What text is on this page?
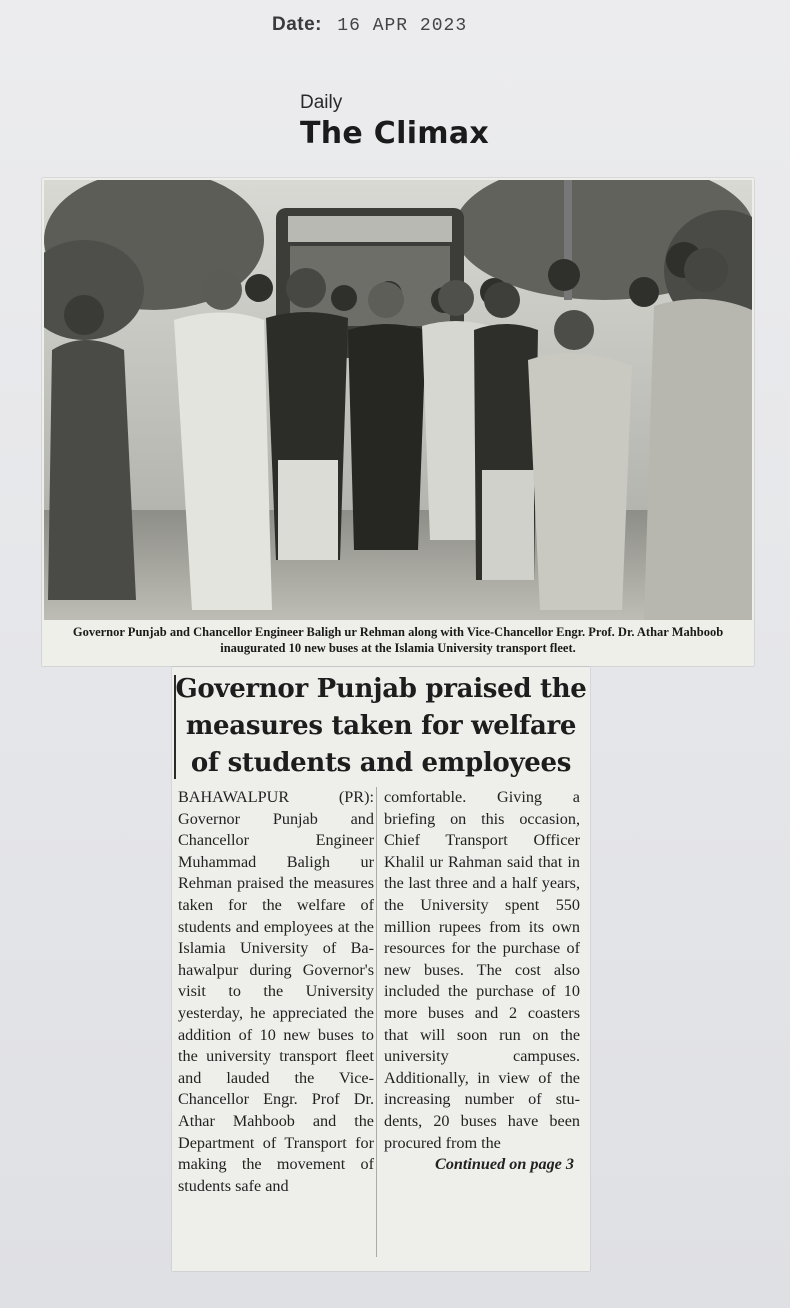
Date: 16 APR 2023
Daily
The Climax
Governor Punjab and Chancellor Engineer Baligh ur Rehman along with Vice-Chancellor Engr. Prof. Dr. Athar Mahboob inaugurated 10 new buses at the Islamia University transport fleet.
Governor Punjab praised the
measures taken for welfare
of students and employees
BAHAWALPUR (PR): Governor Punjab and Chancellor Engineer Muhammad Baligh ur Rehman praised the measures taken for the welfare of students and employees at the Islamia University of Bahawalpur during Governor's visit to the University yesterday, he appreciated the addition of 10 new buses to the university transport fleet and lauded the Vice-Chancellor Engr. Prof Dr. Athar Mahboob and the Department of Transport for making the movement of students safe and
comfortable. Giving a briefing on this occasion, Chief Transport Officer Khalil ur Rahman said that in the last three and a half years, the University spent 550 million rupees from its own resources for the purchase of new buses. The cost also included the purchase of 10 more buses and 2 coasters that will soon run on the university campuses. Additionally, in view of the increasing number of students, 20 buses have been procured from the
Continued on page 3
